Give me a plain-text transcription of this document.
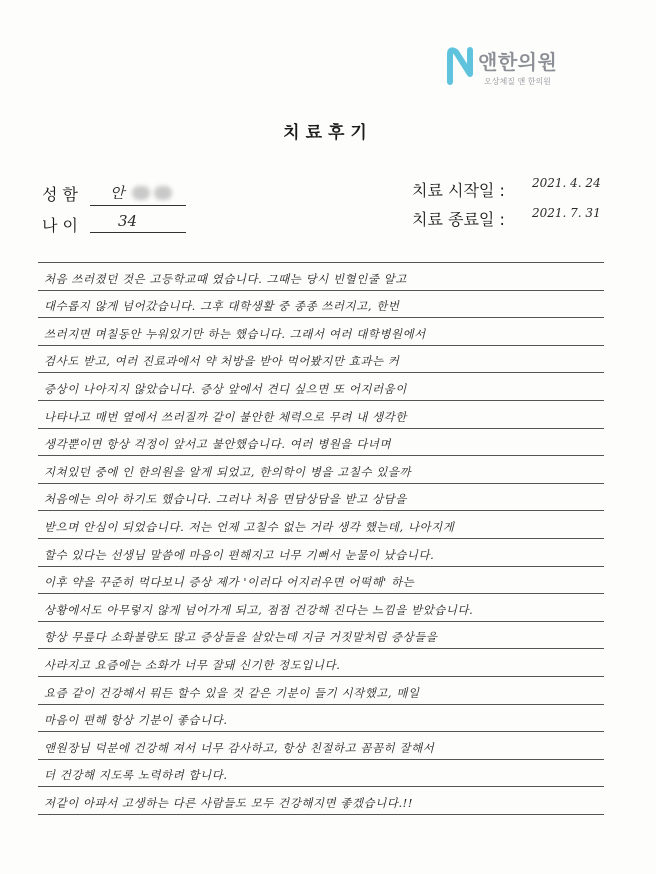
앤한의원
오상체질 앤 한의원
치료후기
성 함 안
나 이	34
치료 시작일 : 2021. 4. 24
치료 종료일 : 2021. 7. 31
처음 쓰러졌던 것은 고등학교때 였습니다. 그때는 당시 빈혈인줄 알고
대수롭지 않게 넘어갔습니다. 그후 대학생활 중 종종 쓰러지고, 한번
쓰러지면 며칠동안 누워있기만 하는 했습니다. 그래서 여러 대학병원에서
검사도 받고, 여러 진료과에서 약 처방을 받아 먹어봤지만 효과는 커
증상이 나아지지 않았습니다. 증상 앞에서 견디 싶으면 또 어지러움이
나타나고 매번 옆에서 쓰러질까 같이 불안한 체력으로 무려 내 생각한
생각뿐이면 항상 걱정이 앞서고 불안했습니다. 여러 병원을 다녀며
지쳐있던 중에 인 한의원을 알게 되었고, 한의학이 병을 고칠수 있을까
처음에는 의아 하기도 했습니다. 그러나 처음 면담상담을 받고 상담을
받으며 안심이 되었습니다. 저는 언제 고칠수 없는 거라 생각 했는데, 나아지게
할수 있다는 선생님 말씀에 마음이 편해지고 너무 기뻐서 눈물이 났습니다.
이후 약을 꾸준히 먹다보니 증상 제가 '이러다 어지러우면 어떡해' 하는
상황에서도 아무렇지 않게 넘어가게 되고, 점점 건강해 진다는 느낌을 받았습니다.
항상 무릎다 소화불량도 많고 증상들을 살았는데 지금 거짓말처럼 증상들을
사라지고 요즘에는 소화가 너무 잘돼 신기한 정도입니다.
요즘 같이 건강해서 뭐든 할수 있을 것 같은 기분이 들기 시작했고, 매일
마음이 편해 항상 기분이 좋습니다.
앤원장님 덕분에 건강해 져서 너무 감사하고, 항상 친절하고 꼼꼼히 잘해서
더 건강해 지도록 노력하려 합니다.
저같이 아파서 고생하는 다른 사람들도 모두 건강해지면 좋겠습니다.!!
